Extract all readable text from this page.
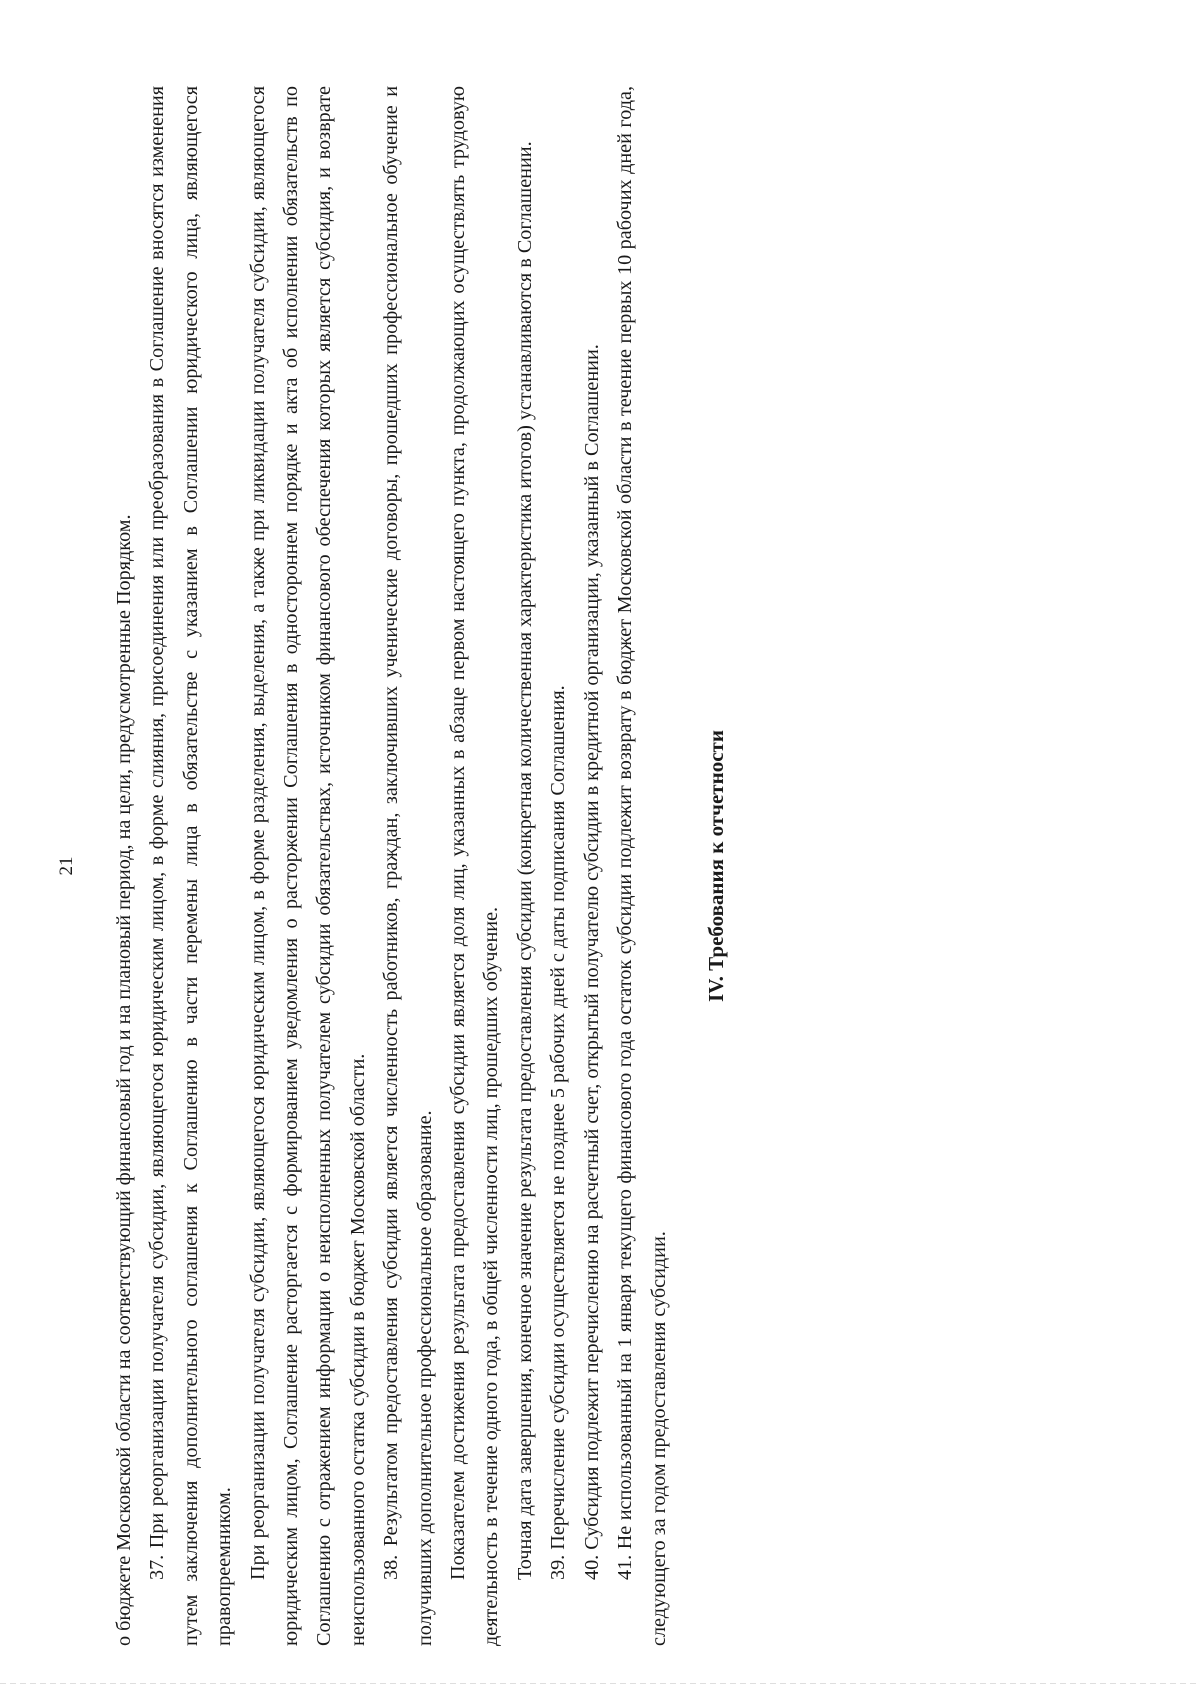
21 о бюджете Московской области на соответствующий финансовый год и на плановый период, на цели, предусмотренные Порядком. 37. При реорганизации получателя субсидии, являющегося юридическим лицом, в форме слияния, присоединения или преобразования в Соглашение вносятся изменения путем заключения дополнительного соглашения к Соглашению в части перемены лица в обязательстве с указанием в Соглашении юридического лица, являющегося правопреемником. При реорганизации получателя субсидии, являющегося юридическим лицом, в форме разделения, выделения, а также при ликвидации получателя субсидии, являющегося юридическим лицом, Соглашение расторгается с формированием уведомления о расторжении Соглашения в одностороннем порядке и акта об исполнении обязательств по Соглашению с отражением информации о неисполненных получателем субсидии обязательствах, источником финансового обеспечения которых является субсидия, и возврате неиспользованного остатка субсидии в бюджет Московской области. 38. Результатом предоставления субсидии является численность работников, граждан, заключивших ученические договоры, прошедших профессиональное обучение и получивших дополнительное профессиональное образование. Показателем достижения результата предоставления субсидии является доля лиц, указанных в абзаце первом настоящего пункта, продолжающих осуществлять трудовую деятельность в течение одного года, в общей численности лиц, прошедших обучение. Точная дата завершения, конечное значение результата предоставления субсидии (конкретная количественная характеристика итогов) устанавливаются в Соглашении. 39. Перечисление субсидии осуществляется не позднее 5 рабочих дней с даты подписания Соглашения. 40. Субсидия подлежит перечислению на расчетный счет, открытый получателю субсидии в кредитной организации, указанный в Соглашении. 41. Не использованный на 1 января текущего финансового года остаток субсидии подлежит возврату в бюджет Московской области в течение первых 10 рабочих дней года, следующего за годом предоставления субсидии.

IV. Требования к отчетности
